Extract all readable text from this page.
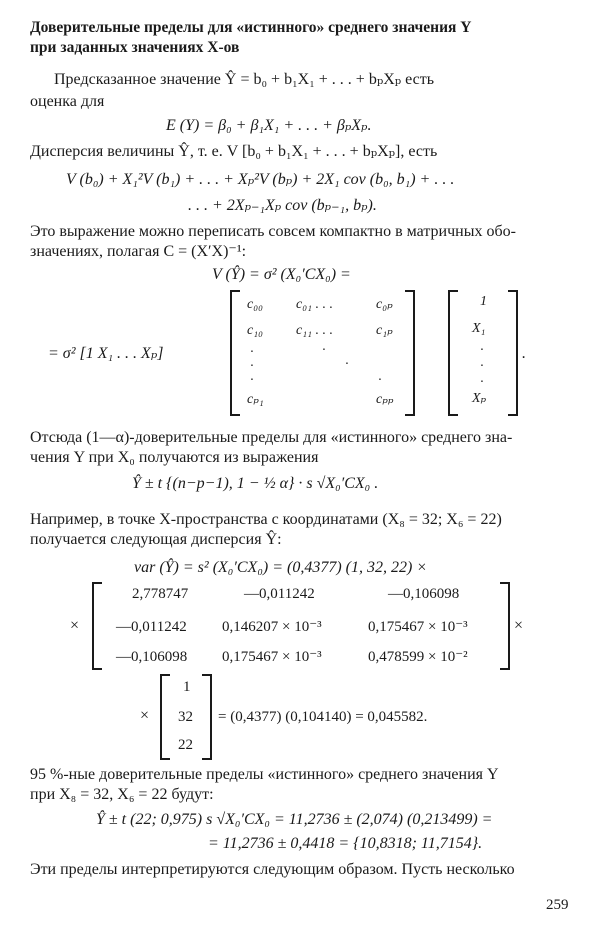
Доверительные пределы для «истинного» среднего значения Y
при заданных значениях X-ов
Предсказанное значение Ŷ = b₀ + b₁X₁ + . . . + bₚXₚ есть
оценка для
E (Y) = β₀ + β₁X₁ + . . . + βₚXₚ.
Дисперсия величины Ŷ, т. е. V [b₀ + b₁X₁ + . . . + bₚXₚ], есть
V (b₀) + X₁²V (b₁) + . . . + Xₚ²V (bₚ) + 2X₁ cov (b₀, b₁) + . . .
. . . + 2Xₚ₋₁Xₚ cov (bₚ₋₁, bₚ).
Это выражение можно переписать совсем компактно в матричных обо-
значениях, полагая C = (X′X)⁻¹:
V (Ŷ) = σ² (X₀′CX₀) =
= σ² [1 X₁ . . . Xₚ]
c₀₀ c₀₁ . . .	c₀ₚ
c₁₀ c₁₁ . . .	c₁ₚ
·	·
·	·
·	·
cₚ₁	cₚₚ
1
X₁
·
·
·
Xₚ
.
Отсюда (1—α)-доверительные пределы для «истинного» среднего зна-
чения Y при X₀ получаются из выражения
Ŷ ± t {(n−p−1), 1 − ½ α} · s √X₀′CX₀ .
Например, в точке X-пространства с координатами (X₈ = 32; X₆ = 22)
получается следующая дисперсия Ŷ:
var (Ŷ) = s² (X₀′CX₀) = (0,4377) (1, 32, 22) ×
×	×
2,778747	—0,011242	—0,106098
—0,011242 0,146207 × 10⁻³	0,175467 × 10⁻³
—0,106098 0,175467 × 10⁻³	0,478599 × 10⁻²
×
1
32
22
= (0,4377) (0,104140) = 0,045582.
95 %-ные доверительные пределы «истинного» среднего значения Y
при X₈ = 32, X₆ = 22 будут:
Ŷ ± t (22; 0,975) s √X₀′CX₀ = 11,2736 ± (2,074) (0,213499) =
= 11,2736 ± 0,4418 = {10,8318; 11,7154}.
Эти пределы интерпретируются следующим образом. Пусть несколько
259
